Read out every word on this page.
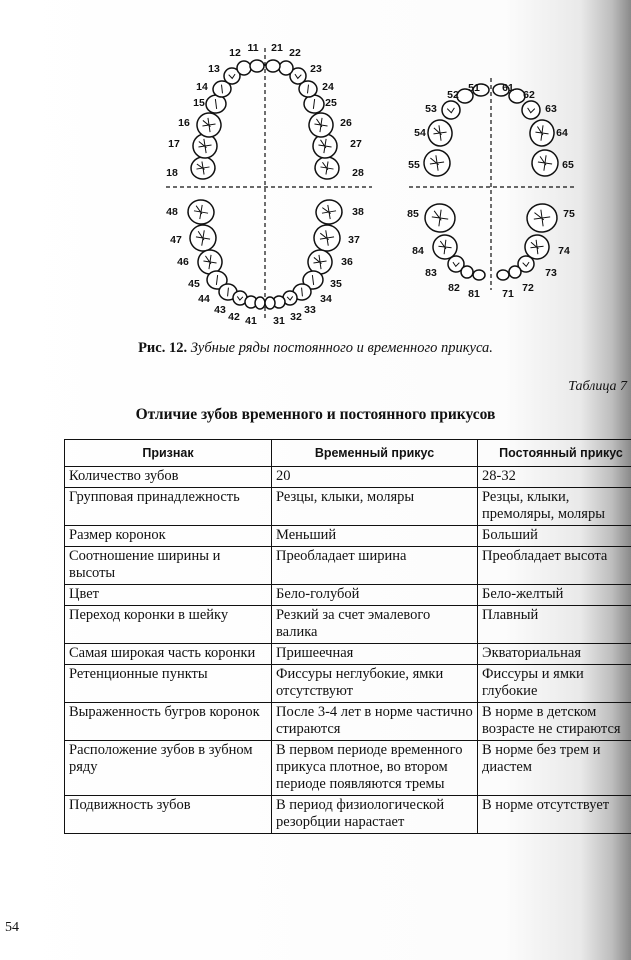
18	28
17	27
16	26
15	25
14	24
13	23
12	22
11 21
48	38
47	37
46	36
45	35
44	34
43	33
42	32
41 31
55	65
54	64
53	63
52	62
51 61
85	75
84	74
83	73
82	72
81 71
Рис. 12. Зубные ряды постоянного и временного прикуса.
Таблица 7
Отличие зубов временного и постоянного прикусов
Признак	Временный прикус	Постоянный прикус
Количество зубов	20	28-32
Групповая принадлежность	Резцы, клыки, моляры	Резцы, клыки, премоляры, моляры
Размер коронок	Меньший	Больший
Соотношение ширины и высоты	Преобладает ширина	Преобладает высота
Цвет	Бело-голубой	Бело-желтый
Переход коронки в шейку	Резкий за счет эмалевого валика	Плавный
Самая широкая часть коронки	Пришеечная	Экваториальная
Ретенционные пункты	Фиссуры неглубокие, ямки отсутствуют	Фиссуры и ямки глубокие
Выраженность бугров коронок	После 3-4 лет в норме частично стираются	В норме в детском возрасте не стираются
Расположение зубов в зубном ряду	В первом периоде временного прикуса плотное, во втором периоде появляются тремы	В норме без трем и диастем
Подвижность зубов	В период физиологической резорбции нарастает	В норме отсутствует
54
